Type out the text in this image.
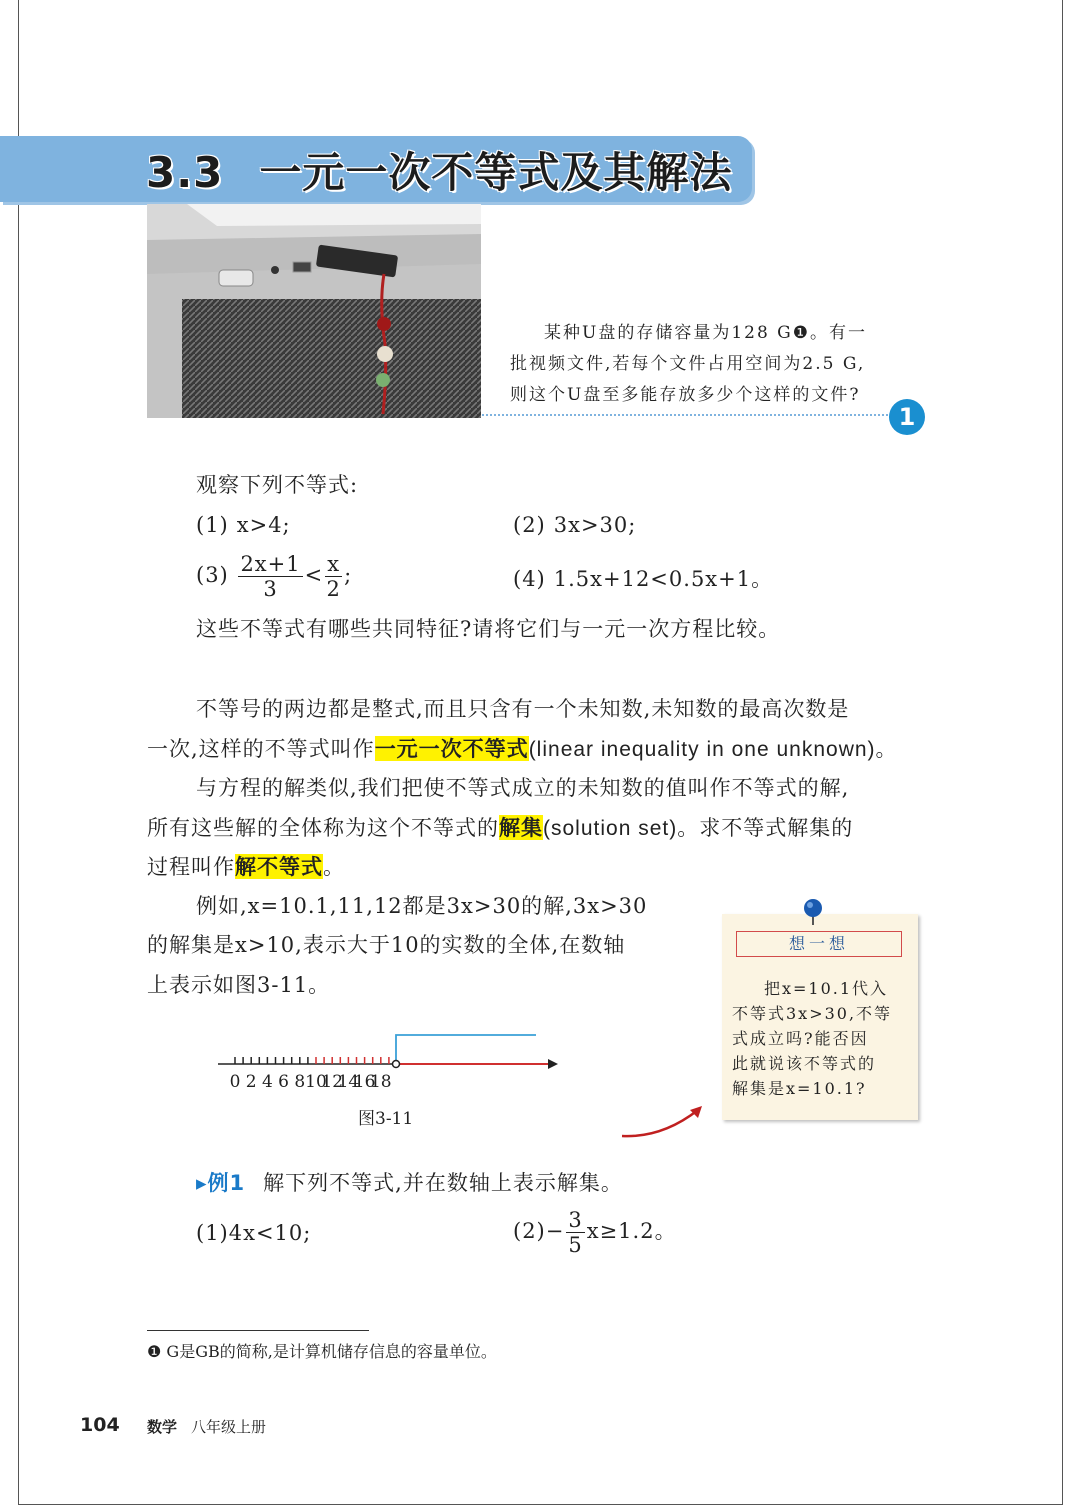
3.3 一元一次不等式及其解法

某种U盘的存储容量为128 G❶。有一

批视频文件,若每个文件占用空间为2.5 G,

则这个U盘至多能存放多少个这样的文件?

1
观察下列不等式:
(1) x>4;	(2) 3x>30;
$(3) \frac{2x+1}{3} < \frac{x}{2}$ ;	(4) 1.5x+12<0.5x+1。
这些不等式有哪些共同特征?请将它们与一元一次方程比较。
不等号的两边都是整式,而且只含有一个未知数,未知数的最高次数是
一次,这样的不等式叫作一元一次不等式(linear inequality in one unknown)。
与方程的解类似,我们把使不等式成立的未知数的值叫作不等式的解,
所有这些解的全体称为这个不等式的解集(solution set)。求不等式解集的
过程叫作解不等式。
例如,x=10.1,11,12都是3x>30的解,3x>30
的解集是x>10,表示大于10的实数的全体,在数轴
上表示如图3-11。
0 2 4 6 8 10
12
14
16
18
图3-11
想一想
把x=10.1代入
不等式3x>30,不等
式成立吗?能否因
此就说该不等式的
解集是x=10.1?
▸例1 解下列不等式,并在数轴上表示解集。
(1)4x<10;	$(2)- \frac{3}{5} x\ge 1.2$。
❶ G是GB的简称,是计算机储存信息的容量单位。
104 数学 八年级上册
